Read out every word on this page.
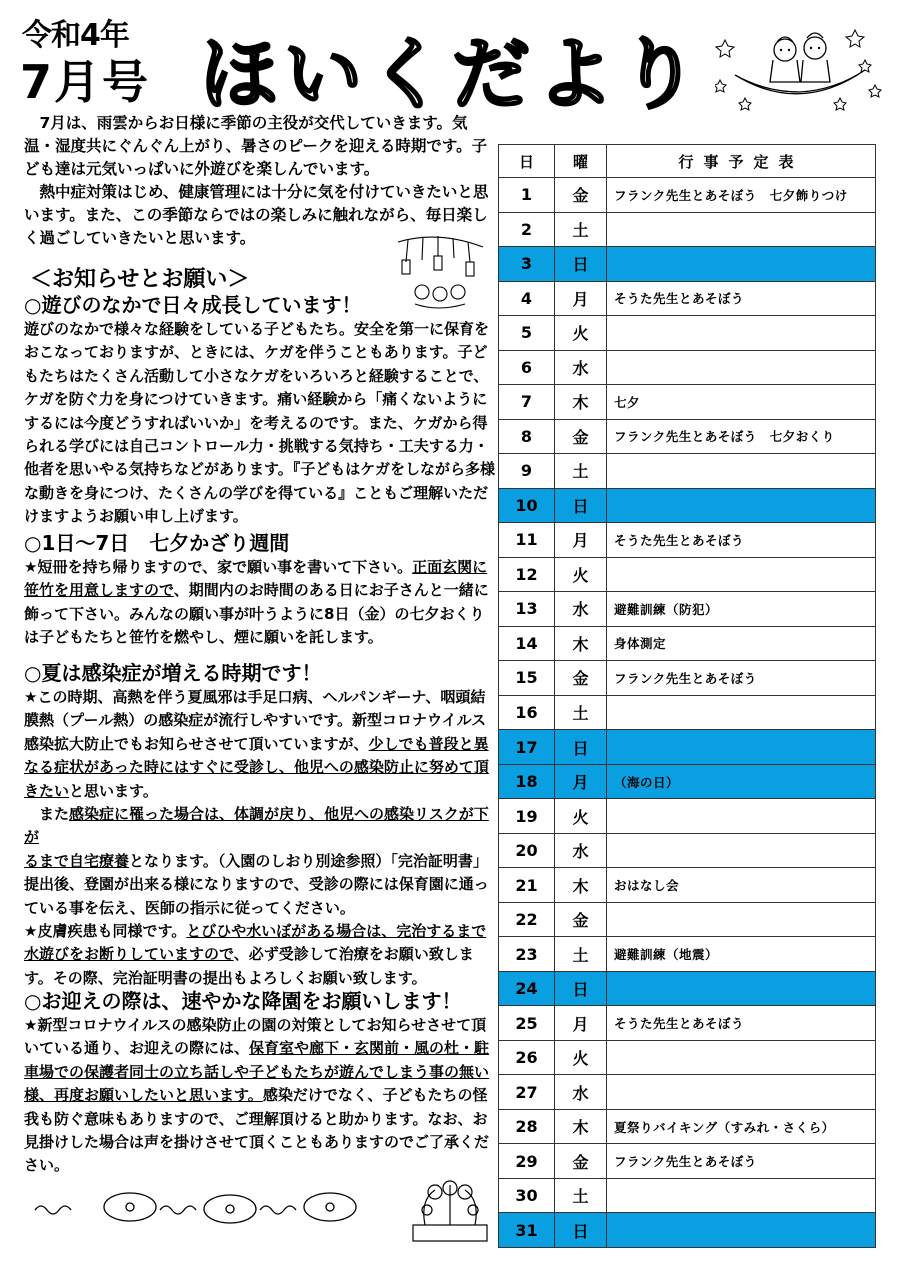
令和4年
7月号 ほいくだより

7月は、雨雲からお日様に季節の主役が交代していきます。気温・湿度共にぐんぐん上がり、暑さのピークを迎える時期です。子ども達は元気いっぱいに外遊びを楽しんでいます。

熱中症対策はじめ、健康管理には十分に気を付けていきたいと思います。また、この季節ならではの楽しみに触れながら、毎日楽しく過ごしていきたいと思います。

＜お知らせとお願い＞
○遊びのなかで日々成長しています！

遊びのなかで様々な経験をしている子どもたち。安全を第一に保育をおこなっておりますが、ときには、ケガを伴うこともあります。子どもたちはたくさん活動して小さなケガをいろいろと経験することで、ケガを防ぐ力を身につけていきます。痛い経験から「痛くないようにするには今度どうすればいいか」を考えるのです。また、ケガから得られる学びには自己コントロール力・挑戦する気持ち・工夫する力・他者を思いやる気持ちなどがあります。『子どもはケガをしながら多様な動きを身につけ、たくさんの学びを得ている』こともご理解いただけますようお願い申し上げます。

○1日～7日　七夕かざり週間

★短冊を持ち帰りますので、家で願い事を書いて下さい。正面玄関に笹竹を用意しますので、期間内のお時間のある日にお子さんと一緒に飾って下さい。みんなの願い事が叶うように8日（金）の七夕おくりは子どもたちと笹竹を燃やし、煙に願いを託します。

○夏は感染症が増える時期です！

★この時期、高熱を伴う夏風邪は手足口病、ヘルパンギーナ、咽頭結膜熱（プール熱）の感染症が流行しやすいです。新型コロナウイルス感染拡大防止でもお知らせさせて頂いていますが、少しでも普段と異なる症状があった時にはすぐに受診し、他児への感染防止に努めて頂きたいと思います。

　また感染症に罹った場合は、体調が戻り、他児への感染リスクが下が
るまで自宅療養となります。（入園のしおり別途参照）「完治証明書」提出後、登園が出来る様になりますので、受診の際には保育園に通っている事を伝え、医師の指示に従ってください。

★皮膚疾患も同様です。とびひや水いぼがある場合は、完治するまで水遊びをお断りしていますので、必ず受診して治療をお願い致します。その際、完治証明書の提出もよろしくお願い致します。

○お迎えの際は、速やかな降園をお願いします！

★新型コロナウイルスの感染防止の園の対策としてお知らせさせて頂いている通り、お迎えの際には、保育室や廊下・玄関前・風の杜・駐車場での保護者同士の立ち話しや子どもたちが遊んでしまう事の無い様、再度お願いしたいと思います。感染だけでなく、子どもたちの怪我も防ぐ意味もありますので、ご理解頂けると助かります。なお、お見掛けした場合は声を掛けさせて頂くこともありますのでご了承ください。

日	曜	行事予定表
1	金	フランク先生とあそぼう　七夕飾りつけ
2	土	
3	日	
4	月	そうた先生とあそぼう
5	火	
6	水	
7	木	七夕
8	金	フランク先生とあそぼう　七夕おくり
9	土	
10	日	
11	月	そうた先生とあそぼう
12	火	
13	水	避難訓練（防犯）
14	木	身体測定
15	金	フランク先生とあそぼう
16	土	
17	日	
18	月	（海の日）
19	火	
20	水	
21	木	おはなし会
22	金	
23	土	避難訓練（地震）
24	日	
25	月	そうた先生とあそぼう
26	火	
27	水	
28	木	夏祭りバイキング（すみれ・さくら）
29	金	フランク先生とあそぼう
30	土	
31	日	
